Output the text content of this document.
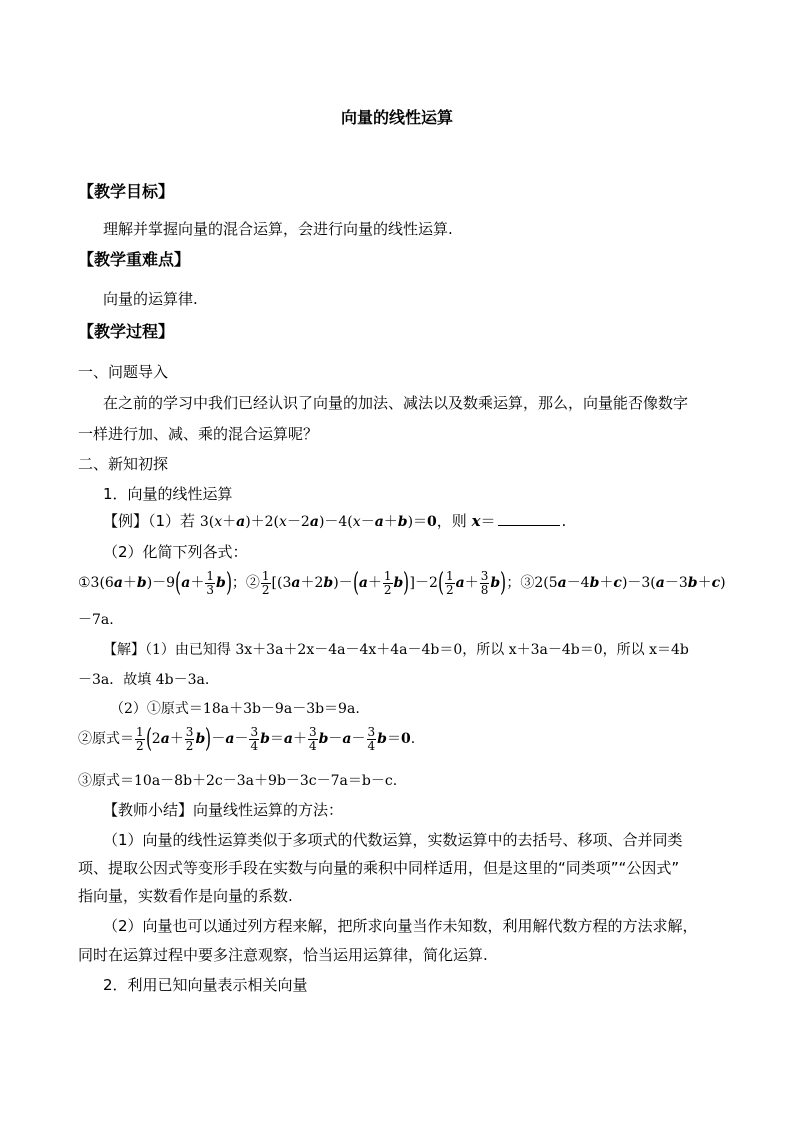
向量的线性运算
【教学目标】
理解并掌握向量的混合运算，会进行向量的线性运算.
【教学重难点】
向量的运算律.
【教学过程】
一、问题导入
在之前的学习中我们已经认识了向量的加法、减法以及数乘运算，那么，向量能否像数字
一样进行加、减、乘的混合运算呢？
二、新知初探
1．向量的线性运算
【例】（1）若 3(x＋a)＋2(x－2a)－4(x－a＋b)＝0，则 x＝	.
（2）化简下列各式：
①3(6a＋b)－9(a＋ $\frac{1}{3} b$)；② $\frac{1}{2} [(3a+2b)-(a+ \frac{1}{2} b)]-2( \frac{1}{2} a+ \frac{3}{8} b)$；③2(5a－4b＋c)－3(a－3b＋c)
－7a.
【解】（1）由已知得 3x＋3a＋2x－4a－4x＋4a－4b＝0，所以 x＋3a－4b＝0，所以 x＝4b
－3a．故填 4b－3a.
（2）①原式＝18a＋3b－9a－3b＝9a.
②原式＝ $\frac{1}{2} (2a+ \frac{3}{2} b)-a- \frac{3}{4} b=a+ \frac{3}{4} b-a- \frac{3}{4} b=0$.
③原式＝10a－8b＋2c－3a＋9b－3c－7a＝b－c.
【教师小结】向量线性运算的方法：
（1）向量的线性运算类似于多项式的代数运算，实数运算中的去括号、移项、合并同类
项、提取公因式等变形手段在实数与向量的乘积中同样适用，但是这里的“同类项”“公因式”
指向量，实数看作是向量的系数.
（2）向量也可以通过列方程来解，把所求向量当作未知数，利用解代数方程的方法求解，
同时在运算过程中要多注意观察，恰当运用运算律，简化运算.
2．利用已知向量表示相关向量
